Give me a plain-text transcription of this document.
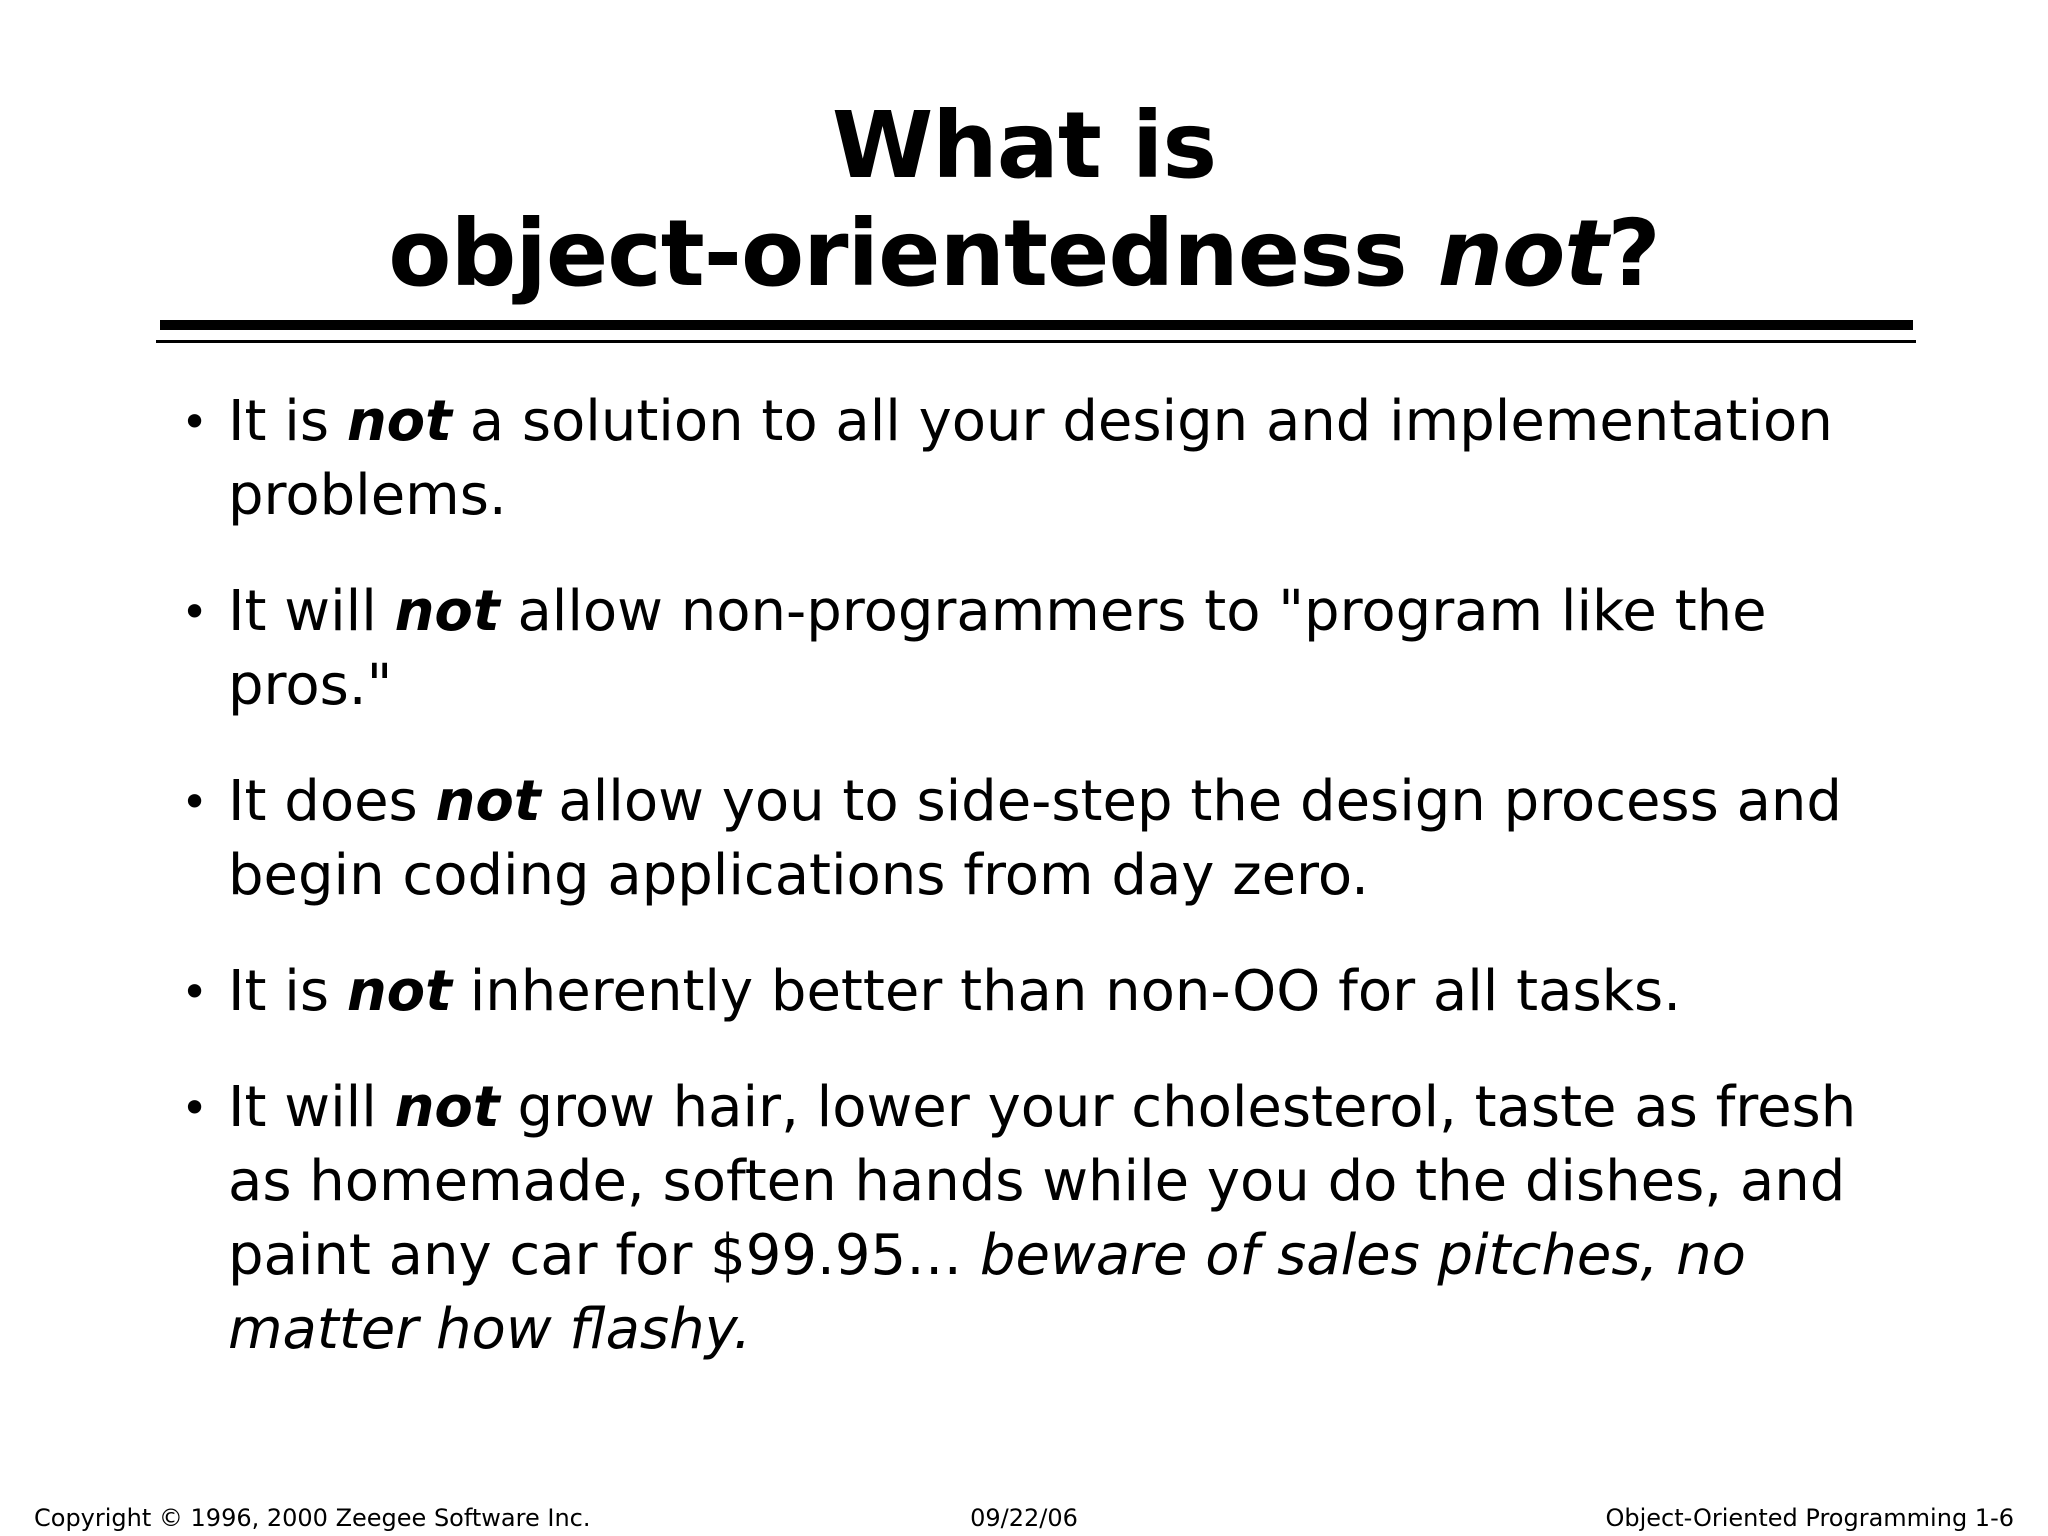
What is
object-orientedness not?
• It is not a solution to all your design and implementation problems.
• It will not allow non-programmers to "program like the pros."
• It does not allow you to side-step the design process and begin coding applications from day zero.
• It is not inherently better than non-OO for all tasks.
• It will not grow hair, lower your cholesterol, taste as fresh as homemade, soften hands while you do the dishes, and paint any car for $99.95… beware of sales pitches, no matter how flashy.
Copyright © 1996, 2000 Zeegee Software Inc.	09/22/06	Object-Oriented Programming 1-6
